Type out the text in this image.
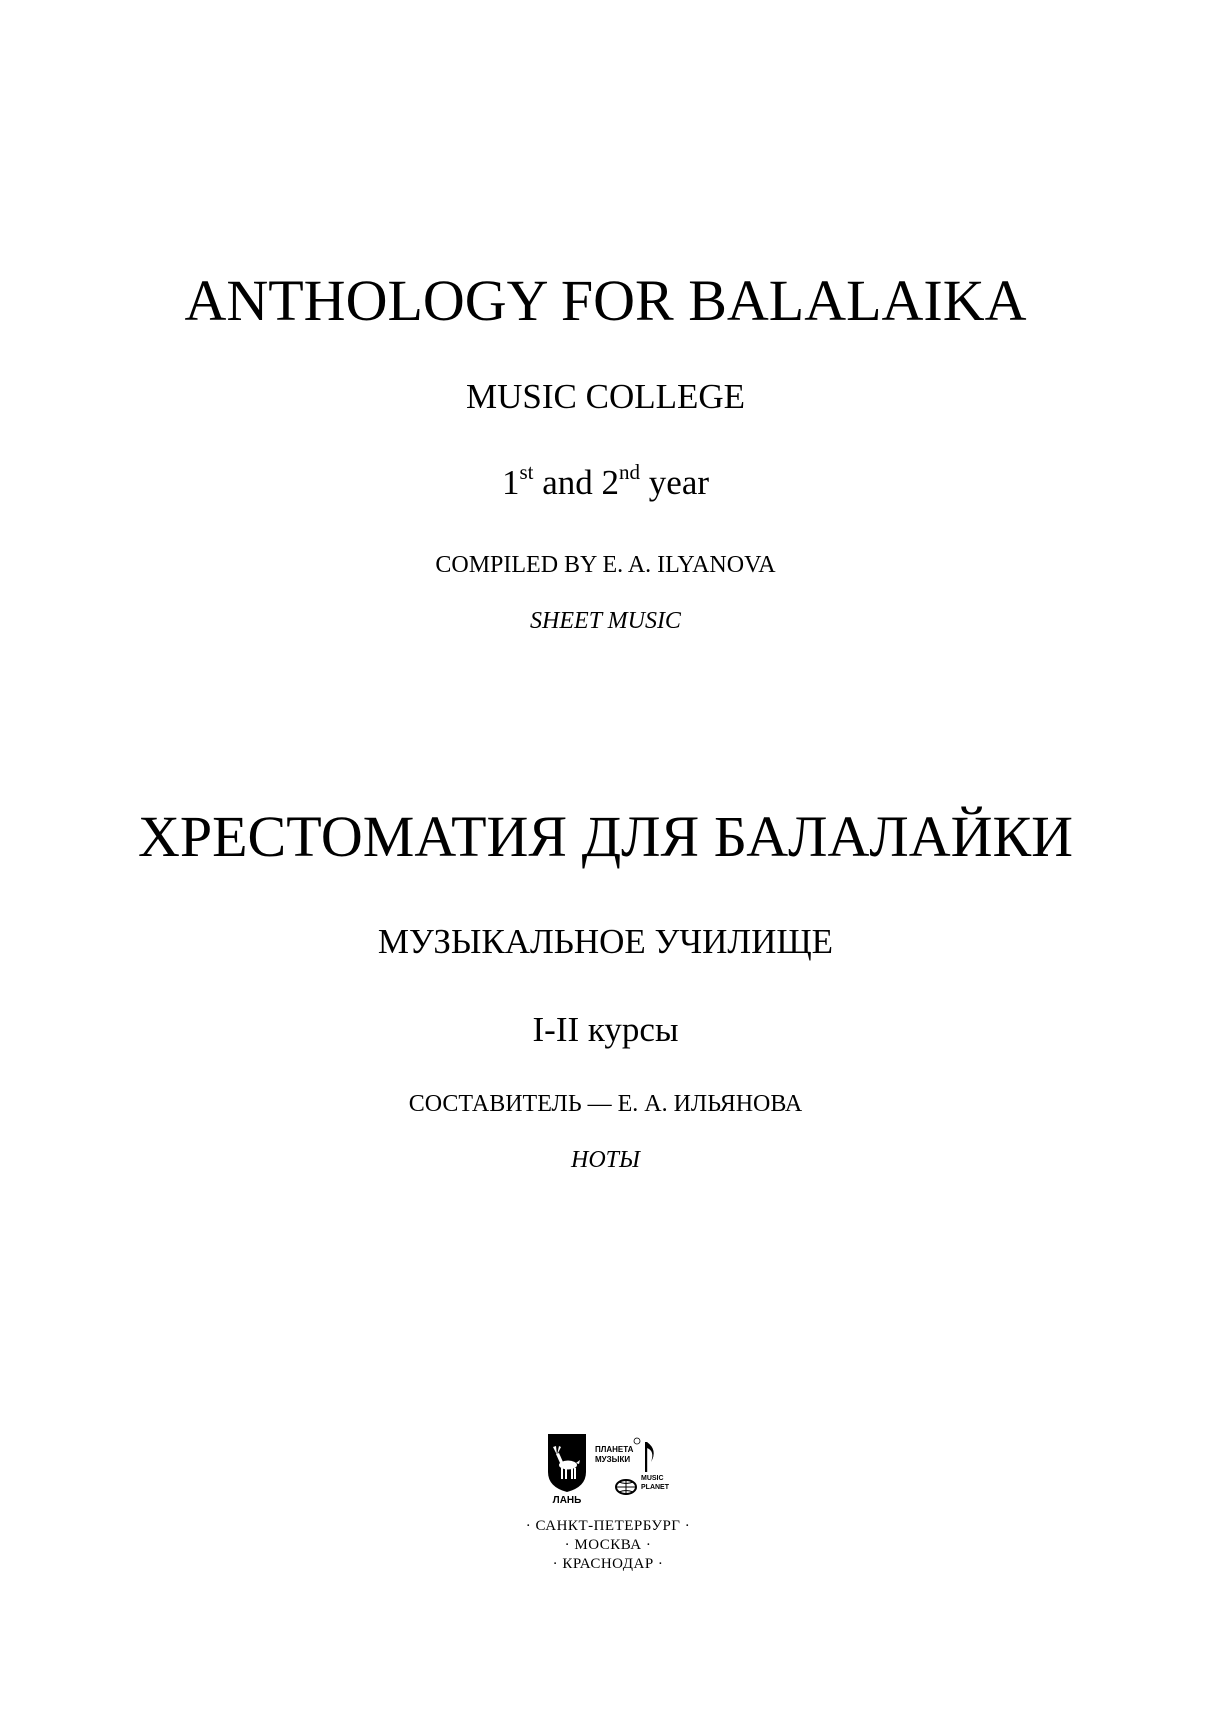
ANTHOLOGY FOR BALALAIKA
MUSIC COLLEGE
1st and 2nd year
COMPILED BY E. A. ILYANOVA
SHEET MUSIC
ХРЕСТОМАТИЯ ДЛЯ БАЛАЛАЙКИ
МУЗЫКАЛЬНОЕ УЧИЛИЩЕ
I-II курсы
СОСТАВИТЕЛЬ — Е. А. ИЛЬЯНОВА
НОТЫ
ЛАНЬ
ПЛАНЕТА
МУЗЫКИ
MUSIC
PLANET
· САНКТ-ПЕТЕРБУРГ ·
· МОСКВА ·
· КРАСНОДАР ·
